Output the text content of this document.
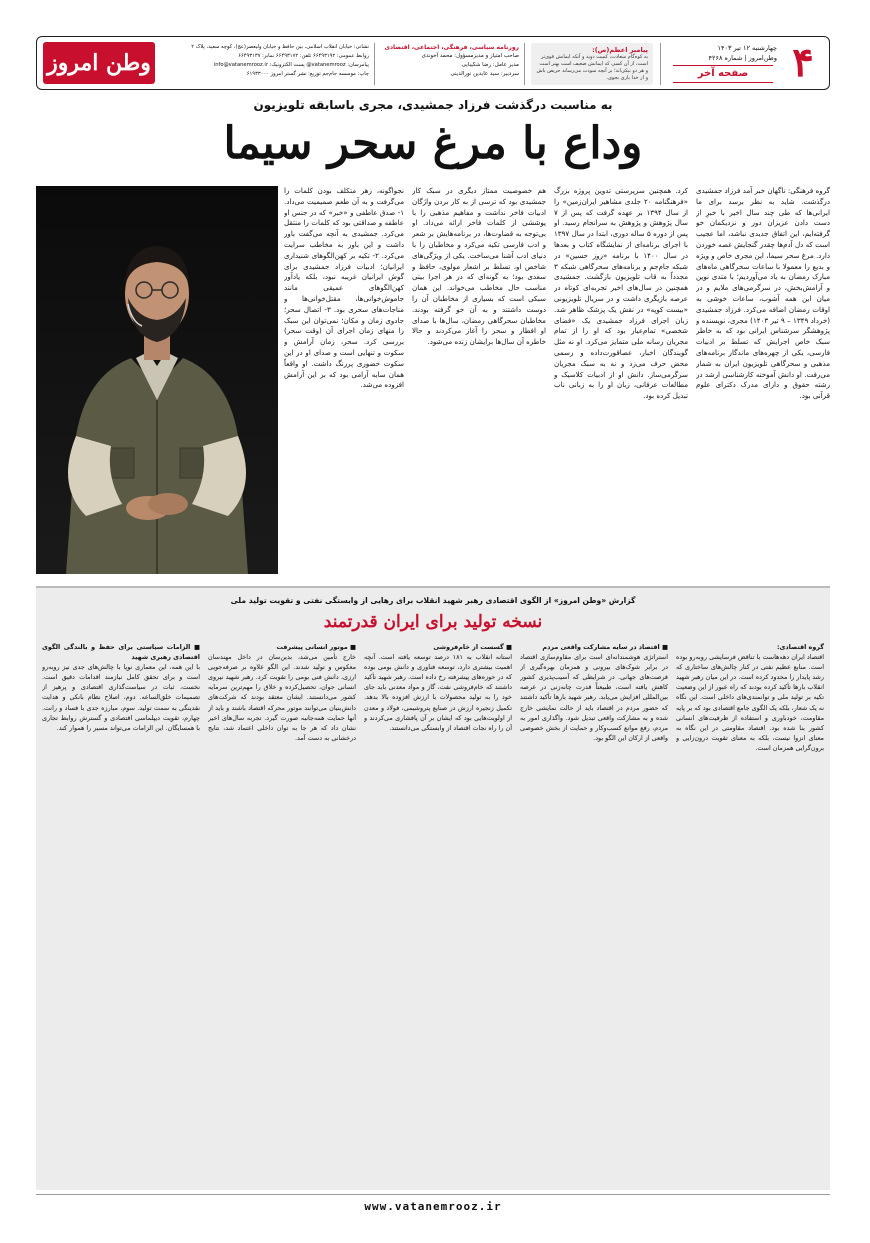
۴
چهارشنبه ۱۲ تیر ۱۴۰۳
وطن‌امروز | شماره ۴۲۶۸
صفحه آخر
پیامبر اعظم(ص):
به کوه‌گام سعادت، کمیت دوید و آنکه ایمانش قوی‌تر است، از آن کسی که ایمانش ضعیف است بهتر است و هر دو نیکی‌اند؛ بر آنچه سودت می‌رساند حریص باش و از خدا یاری بجوی.
روزنامه سیاسی، فرهنگی، اجتماعی، اقتصادی
صاحب امتیاز و مدیرمسؤول: محمد آخوندی
مدیر عامل: رضا شکیبایی
سردبیر: سید عابدین نورالدینی
نشانی: خیابان انقلاب اسلامی، بین حافظ و خیابان ولیعصر(عج)، کوچه سعید، پلاک ۲
روابط عمومی: ۶۶۴۹۳۱۹۲ تلفن: ۶۶۴۹۳۱۷۲ نمابر: ۶۶۴۹۳۱۳۷
پیامرسان: vatanemrooz@ پست الکترونیک: info@vatanemrooz.ir
چاپ: موسسه جام‌جم توزیع: نشر گستر امروز ۶۱۹۳۳۰۰۰
وطن امروز
به مناسبت درگذشت فرزاد جمشیدی، مجری باسابقه تلویزیون
وداع با مرغ سحر سیما

گروه فرهنگی: ناگهان خبر آمد فرزاد جمشیدی درگذشت. شاید به نظر برسد برای ما ایرانی‌ها که طی چند سال اخیر با خبرِ از دست دادن عزیزان دور و نزدیکمان خو گرفته‌ایم، این اتفاق جدیدی نباشد، اما عجیب است که دل آدم‌ها چقدر گنجایش غصه خوردن دارد. مرغ سحر سیما، این مجری خاص و ویژه و بدیع را معمولا با ساعات سحرگاهی ماه‌های مبارک رمضان به یاد می‌آوردیم؛ با متدی نوین و آرامش‌بخش، در سرگرمی‌های ملایم و در میان این همه آشوب، ساعات خوشی به اوقات رمضان اضافه می‌کرد. فرزاد جمشیدی (خرداد ۱۳۴۹ – ۹ تیر ۱۴۰۳) مجری، نویسنده و پژوهشگر سرشناس ایرانی بود که به خاطر سبک خاص اجرایش که تسلط بر ادبیات فارسی، یکی از چهره‌های ماندگار برنامه‌های مذهبی و سحرگاهی تلویزیون ایران به شمار می‌رفت. او دانش آموخته کارشناسی ارشد در رشته حقوق و دارای مدرک دکترای علوم قرآنی بود.

کرد. همچنین سرپرستی تدوین پروژه بزرگ «فرهنگنامه ۲۰ جلدی مشاهیر ایران‌زمین» را از سال ۱۳۹۴ بر عهده گرفت که پس از ۷ سال پژوهش و پژوهش به سرانجام رسید. او پس از دوره ۵ ساله دوری، ابتدا در سال ۱۳۹۷ با اجرای برنامه‌ای از نمایشگاه کتاب و بعدها در سال ۱۴۰۰ با برنامه «روز حسین» در شبکه جام‌جم و برنامه‌های سحرگاهی شبکه ۳ مجدداً به قاب تلویزیون بازگشت. جمشیدی همچنین در سال‌های اخیر تجربه‌ای کوتاه در عرصه بازیگری داشت و در سریال تلویزیونی «بیست کوپه» در نقش یک پزشک ظاهر شد. زبان اجرای فرزاد جمشیدی یک «فضای شخصی» تمام‌عیار بود که او را از تمام مجریان رسانه ملی متمایز می‌کرد. او نه مثل گویندگان اخبار، عصاقورت‌داده و رسمی محض حرف می‌زد و نه به سبک مجریان سرگرمی‌ساز. دانش او از ادبیات کلاسیک و مطالعات عرفانی، زبان او را به زبانی ناب تبدیل کرده بود.

هم خصوصیت ممتاز دیگری در سبک کار جمشیدی بود که ترسی از به کار بردن واژگان ادبیات فاخر نداشت و مفاهیم مذهبی را با پوششی از کلمات فاخر ارائه می‌داد. او بی‌توجه به قضاوت‌ها، در برنامه‌هایش بر شعر و ادب فارسی تکیه می‌کرد و مخاطبان را با دنیای ادب آشنا می‌ساخت. یکی از ویژگی‌های شاخص او، تسلط بر اشعار مولوی، حافظ و سعدی بود؛ به گونه‌ای که در هر اجرا بیتی مناسب حال مخاطب می‌خواند. این همان سبکی است که بسیاری از مخاطبان آن را دوست داشتند و به آن خو گرفته بودند. مخاطبان سحرگاهی رمضان، سال‌ها با صدای او افطار و سحر را آغاز می‌کردند و حالا خاطره آن سال‌ها برایشان زنده می‌شود.

نجواگونه، زهر متکلف بودن کلمات را می‌گرفت و به آن طعم صمیمیت می‌داد. ۱- صدق عاطفی و «خبر» که در جنس او عاطفه و صداقتی بود که کلمات را منتقل می‌کرد. جمشیدی به آنچه می‌گفت باور داشت و این باور به مخاطب سرایت می‌کرد. ۲- تکیه بر کهن‌الگوهای شنیداری ایرانیان؛ ادبیات فرزاد جمشیدی برای گوش ایرانیان غریبه نبود، بلکه یادآور کهن‌الگوهای عمیقی مانند جاموش‌خوانی‌ها، مقتل‌خوانی‌ها و مناجات‌های سحری بود. ۳- اتصال سحر؛ جادوی زمان و مکان؛ نمی‌توان این سبک را منهای زمان اجرای آن (وقت سحر) بررسی کرد. سحر، زمان آرامش و سکوت و تنهایی است و صدای او در این سکوت حضوری پررنگ داشت. او واقعاً همان سایه آرامی بود که بر این آرامش افزوده می‌شد.

گزارش «وطن امروز» از الگوی اقتصادی رهبر شهید انقلاب برای رهایی از وابستگی نفتی و تقویت تولید ملی
نسخه تولید برای ایران قدرتمند

گروه اقتصادی:
اقتصاد ایران دهه‌هاست با تناقض فرسایشی روبه‌رو بوده است. منابع عظیم نفتی در کنار چالش‌های ساختاری که رشد پایدار را محدود کرده است. در این میان رهبر شهید انقلاب بارها تأکید کرده بودند که راه عبور از این وضعیت تکیه بر تولید ملی و توانمندی‌های داخلی است. این نگاه نه یک شعار، بلکه یک الگوی جامع اقتصادی بود که بر پایه مقاومت، خودباوری و استفاده از ظرفیت‌های انسانی کشور بنا شده بود. اقتصاد مقاومتی در این نگاه به معنای انزوا نیست، بلکه به معنای تقویت درون‌زایی و برون‌گرایی همزمان است.

■ اقتصاد در سایه مشارکت واقعی مردم
استراتژی هوشمندانه‌ای است برای مقاوم‌سازی اقتصاد در برابر شوک‌های بیرونی و همزمان بهره‌گیری از فرصت‌های جهانی. در شرایطی که آسیب‌پذیری کشور کاهش یافته است، طبیعتاً قدرت چانه‌زنی در عرصه بین‌المللی افزایش می‌یابد. رهبر شهید بارها تأکید داشتند که حضور مردم در اقتصاد باید از حالت نمایشی خارج شده و به مشارکت واقعی تبدیل شود. واگذاری امور به مردم، رفع موانع کسب‌وکار و حمایت از بخش خصوصی واقعی از ارکان این الگو بود.

■ گسست از خام‌فروشی
استانه انقلاب به ۱۸۱ درصد توسعه یافته است. آنچه اهمیت بیشتری دارد، توسعه فناوری و دانش بومی بوده که در حوزه‌های پیشرفته رخ داده است. رهبر شهید تأکید داشتند که خام‌فروشی نفت، گاز و مواد معدنی باید جای خود را به تولید محصولات با ارزش افزوده بالا بدهد. تکمیل زنجیره ارزش در صنایع پتروشیمی، فولاد و معدن از اولویت‌هایی بود که ایشان بر آن پافشاری می‌کردند و آن را راه نجات اقتصاد از وابستگی می‌دانستند.

■ موتور انسانی پیشرفت
خارج تأمین می‌شد، بدین‌سان در داخل مهندسان معکوس و تولید شدند. این الگو علاوه بر صرفه‌جویی ارزی، دانش فنی بومی را تقویت کرد. رهبر شهید نیروی انسانی جوان، تحصیل‌کرده و خلاق را مهم‌ترین سرمایه کشور می‌دانستند. ایشان معتقد بودند که شرکت‌های دانش‌بنیان می‌توانند موتور محرکه اقتصاد باشند و باید از آنها حمایت همه‌جانبه صورت گیرد. تجربه سال‌های اخیر نشان داد که هر جا به توان داخلی اعتماد شد، نتایج درخشانی به دست آمد.

■ الزامات سیاستی برای حفظ و بالندگی الگوی اقتصادی رهبری شهید
با این همه، این معماری نوپا با چالش‌های جدی نیز روبه‌رو است و برای تحقق کامل نیازمند اقدامات دقیق است. نخست، ثبات در سیاست‌گذاری اقتصادی و پرهیز از تصمیمات خلق‌الساعه. دوم، اصلاح نظام بانکی و هدایت نقدینگی به سمت تولید. سوم، مبارزه جدی با فساد و رانت. چهارم، تقویت دیپلماسی اقتصادی و گسترش روابط تجاری با همسایگان. این الزامات می‌تواند مسیر را هموار کند.

www.vatanemrooz.ir
